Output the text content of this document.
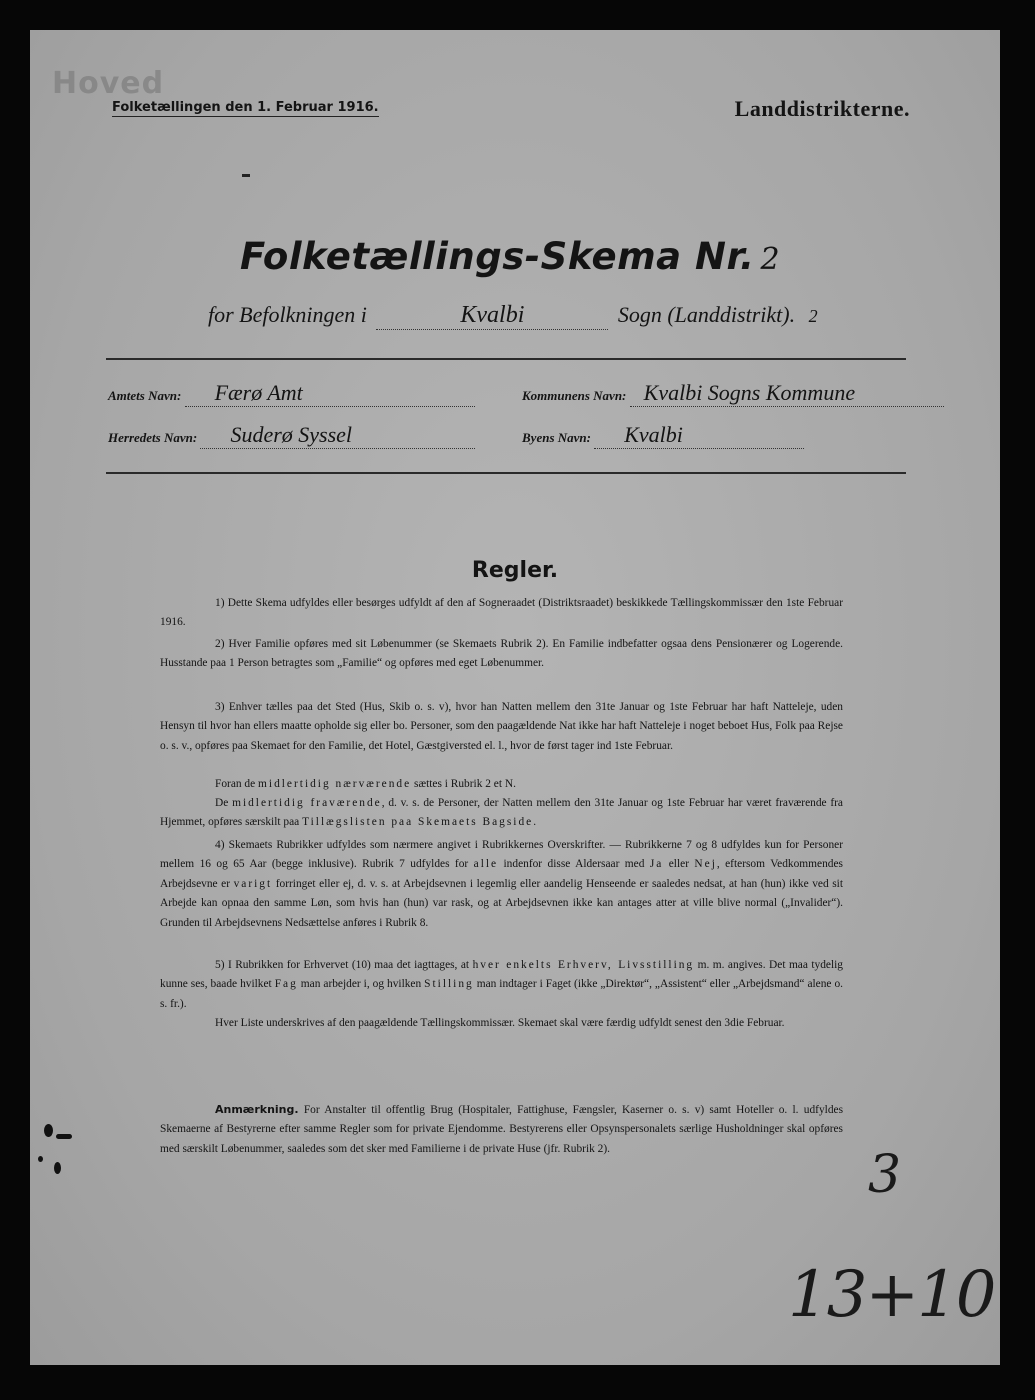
Hoved
Folketællingen den 1. Februar 1916.	Landdistrikterne.
Folketællings-Skema Nr. 2
for Befolkningen i	Kvalbi	Sogn (Landdistrikt). 2
Amtets Navn: Færø Amt	Kommunens Navn: Kvalbi Sogns Kommune
Herredets Navn: Suderø Syssel	Byens Navn: Kvalbi
Regler.
1) Dette Skema udfyldes eller besørges udfyldt af den af Sogneraadet (Distriktsraadet) beskikkede Tællingskommissær den 1ste Februar 1916.
2) Hver Familie opføres med sit Løbenummer (se Skemaets Rubrik 2). En Familie indbefatter ogsaa dens Pensionærer og Logerende. Husstande paa 1 Person betragtes som „Familie“ og opføres med eget Løbenummer.
3) Enhver tælles paa det Sted (Hus, Skib o. s. v), hvor han Natten mellem den 31te Januar og 1ste Februar har haft Natteleje, uden Hensyn til hvor han ellers maatte opholde sig eller bo. Personer, som den paagældende Nat ikke har haft Natteleje i noget beboet Hus, Folk paa Rejse o. s. v., opføres paa Skemaet for den Familie, det Hotel, Gæstgiversted el. l., hvor de først tager ind 1ste Februar.
Foran de midlertidig nærværende sættes i Rubrik 2 et N.
De midlertidig fraværende, d. v. s. de Personer, der Natten mellem den 31te Januar og 1ste Februar har været fraværende fra Hjemmet, opføres særskilt paa Tillægslisten paa Skemaets Bagside.
4) Skemaets Rubrikker udfyldes som nærmere angivet i Rubrikkernes Overskrifter. — Rubrikkerne 7 og 8 udfyldes kun for Personer mellem 16 og 65 Aar (begge inklusive). Rubrik 7 udfyldes for alle indenfor disse Aldersaar med Ja eller Nej, eftersom Vedkommendes Arbejdsevne er varigt forringet eller ej, d. v. s. at Arbejdsevnen i legemlig eller aandelig Henseende er saaledes nedsat, at han (hun) ikke ved sit Arbejde kan opnaa den samme Løn, som hvis han (hun) var rask, og at Arbejdsevnen ikke kan antages atter at ville blive normal („Invalider“). Grunden til Arbejdsevnens Nedsættelse anføres i Rubrik 8.
5) I Rubrikken for Erhvervet (10) maa det iagttages, at hver enkelts Erhverv, Livsstilling m. m. angives. Det maa tydelig kunne ses, baade hvilket Fag man arbejder i, og hvilken Stilling man indtager i Faget (ikke „Direktør“, „Assistent“ eller „Arbejdsmand“ alene o. s. fr.).
Hver Liste underskrives af den paagældende Tællingskommissær. Skemaet skal være færdig udfyldt senest den 3die Februar.
Anmærkning. For Anstalter til offentlig Brug (Hospitaler, Fattighuse, Fængsler, Kaserner o. s. v) samt Hoteller o. l. udfyldes Skemaerne af Bestyrerne efter samme Regler som for private Ejendomme. Bestyrerens eller Opsynspersonalets særlige Husholdninger skal opføres med særskilt Løbenummer, saaledes som det sker med Familierne i de private Huse (jfr. Rubrik 2).	3
13+10
